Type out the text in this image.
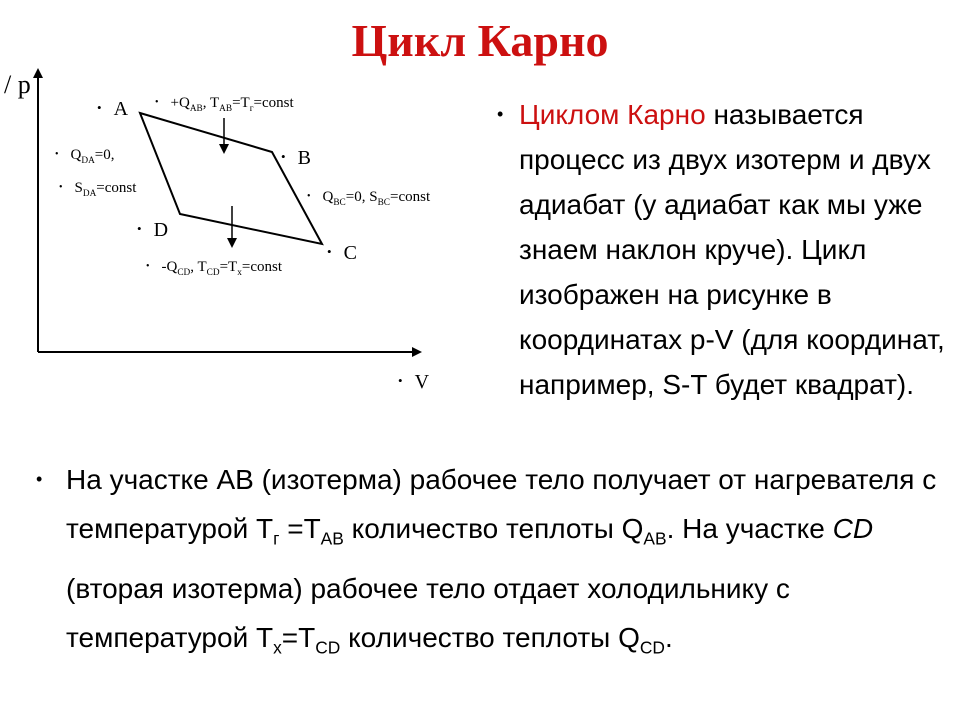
Цикл Карно
/ p
• V
• A
• B
• C
• D
• $+Q_{AB}$, $T_{AB}=T_г=const$
• $Q_{DA}=0$,
• $S_{DA}=const$
• $Q_{BC}=0$, $S_{BC}=const$
• $-Q_{CD}$, $T_{CD}=T_x=const$
• Циклом Карно называется процесс из двух изотерм и двух адиабат (у адиабат как мы уже знаем наклон круче). Цикл изображен на рисунке в координатах p-V (для координат, например, S-T будет квадрат).
• На участке АВ (изотерма) рабочее тело получает от нагревателя с температурой $Т_г =Т_{АВ}$ количество теплоты $Q_{АВ}$. На участке CD (вторая изотерма) рабочее тело отдает холодильнику с температурой $Т_х=Т_{CD}$ количество теплоты $Q_{CD}$.
